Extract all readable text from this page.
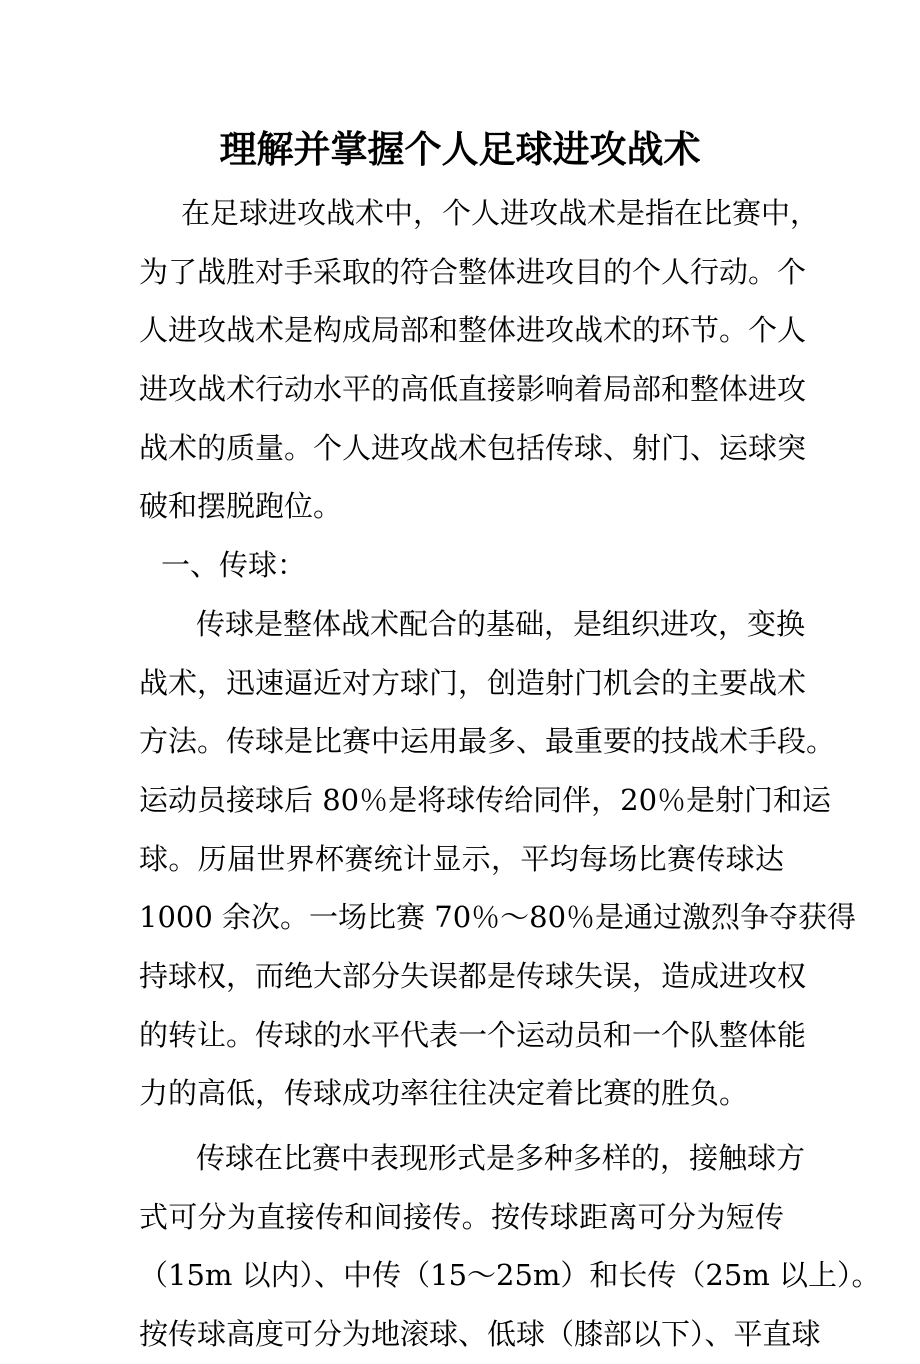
理解并掌握个人足球进攻战术
在足球进攻战术中，个人进攻战术是指在比赛中，
为了战胜对手采取的符合整体进攻目的个人行动。个
人进攻战术是构成局部和整体进攻战术的环节。个人
进攻战术行动水平的高低直接影响着局部和整体进攻
战术的质量。个人进攻战术包括传球、射门、运球突
破和摆脱跑位。
一、传球：
传球是整体战术配合的基础，是组织进攻，变换
战术，迅速逼近对方球门，创造射门机会的主要战术
方法。传球是比赛中运用最多、最重要的技战术手段。
运动员接球后 80％是将球传给同伴，20％是射门和运
球。历届世界杯赛统计显示，平均每场比赛传球达
1000 余次。一场比赛 70％～80％是通过激烈争夺获得
持球权，而绝大部分失误都是传球失误，造成进攻权
的转让。传球的水平代表一个运动员和一个队整体能
力的高低，传球成功率往往决定着比赛的胜负。
传球在比赛中表现形式是多种多样的，接触球方
式可分为直接传和间接传。按传球距离可分为短传
（15m 以内）、中传（15～25m）和长传（25m 以上）。
按传球高度可分为地滚球、低球（膝部以下）、平直球
